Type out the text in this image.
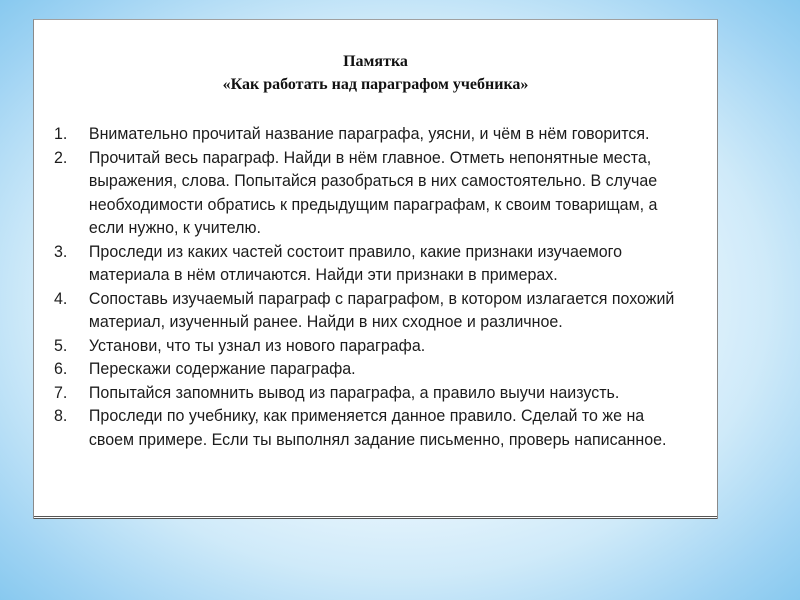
Памятка
«Как работать над параграфом учебника»
1.	Внимательно прочитай название параграфа, уясни, и чём в нём говорится.
2.	Прочитай весь параграф. Найди в нём главное. Отметь непонятные места, выражения, слова. Попытайся разобраться в них самостоятельно. В случае необходимости обратись к предыдущим параграфам, к своим товарищам, а если нужно, к учителю.
3.	Проследи из каких частей состоит правило, какие признаки изучаемого материала в нём отличаются. Найди эти признаки в примерах.
4.	Сопоставь изучаемый параграф с параграфом, в котором излагается похожий материал, изученный ранее. Найди в них сходное и различное.
5.	Установи, что ты узнал из нового параграфа.
6.	Перескажи содержание параграфа.
7.	Попытайся запомнить вывод из параграфа, а правило выучи наизусть.
8.	Проследи по учебнику, как применяется данное правило. Сделай то же на своем примере. Если ты выполнял задание письменно, проверь написанное.
